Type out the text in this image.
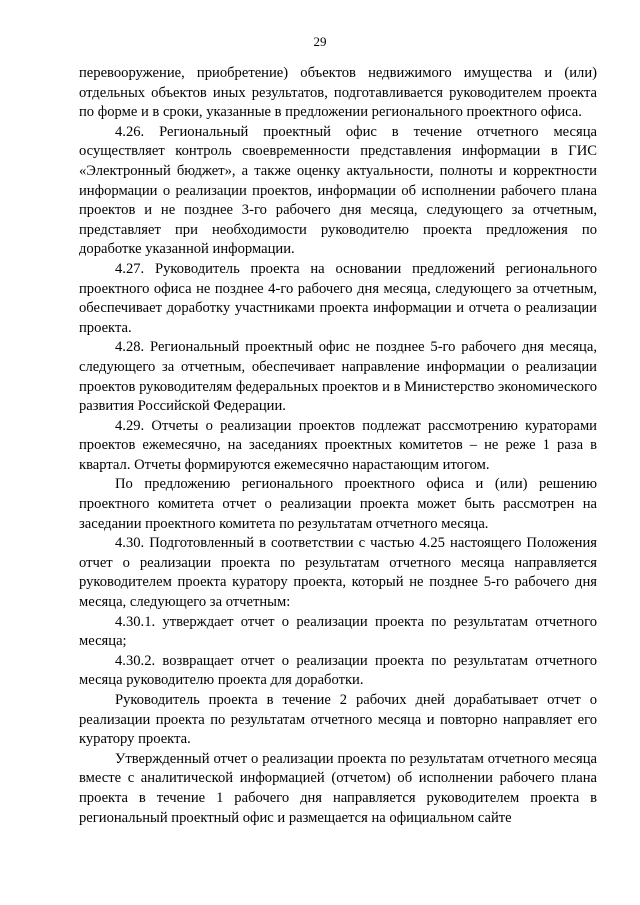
29

перевооружение, приобретение) объектов недвижимого имущества и (или) отдельных объектов иных результатов, подготавливается руководителем проекта по форме и в сроки, указанные в предложении регионального проектного офиса.

4.26. Региональный проектный офис в течение отчетного месяца осуществляет контроль своевременности представления информации в ГИС «Электронный бюджет», а также оценку актуальности, полноты и корректности информации о реализации проектов, информации об исполнении рабочего плана проектов и не позднее 3-го рабочего дня месяца, следующего за отчетным, представляет при необходимости руководителю проекта предложения по доработке указанной информации.

4.27. Руководитель проекта на основании предложений регионального проектного офиса не позднее 4-го рабочего дня месяца, следующего за отчетным, обеспечивает доработку участниками проекта информации и отчета о реализации проекта.

4.28. Региональный проектный офис не позднее 5-го рабочего дня месяца, следующего за отчетным, обеспечивает направление информации о реализации проектов руководителям федеральных проектов и в Министерство экономического развития Российской Федерации.

4.29. Отчеты о реализации проектов подлежат рассмотрению кураторами проектов ежемесячно, на заседаниях проектных комитетов – не реже 1 раза в квартал. Отчеты формируются ежемесячно нарастающим итогом.

По предложению регионального проектного офиса и (или) решению проектного комитета отчет о реализации проекта может быть рассмотрен на заседании проектного комитета по результатам отчетного месяца.

4.30. Подготовленный в соответствии с частью 4.25 настоящего Положения отчет о реализации проекта по результатам отчетного месяца направляется руководителем проекта куратору проекта, который не позднее 5-го рабочего дня месяца, следующего за отчетным:

4.30.1. утверждает отчет о реализации проекта по результатам отчетного месяца;

4.30.2. возвращает отчет о реализации проекта по результатам отчетного месяца руководителю проекта для доработки.

Руководитель проекта в течение 2 рабочих дней дорабатывает отчет о реализации проекта по результатам отчетного месяца и повторно направляет его куратору проекта.

Утвержденный отчет о реализации проекта по результатам отчетного месяца вместе с аналитической информацией (отчетом) об исполнении рабочего плана проекта в течение 1 рабочего дня направляется руководителем проекта в региональный проектный офис и размещается на официальном сайте
